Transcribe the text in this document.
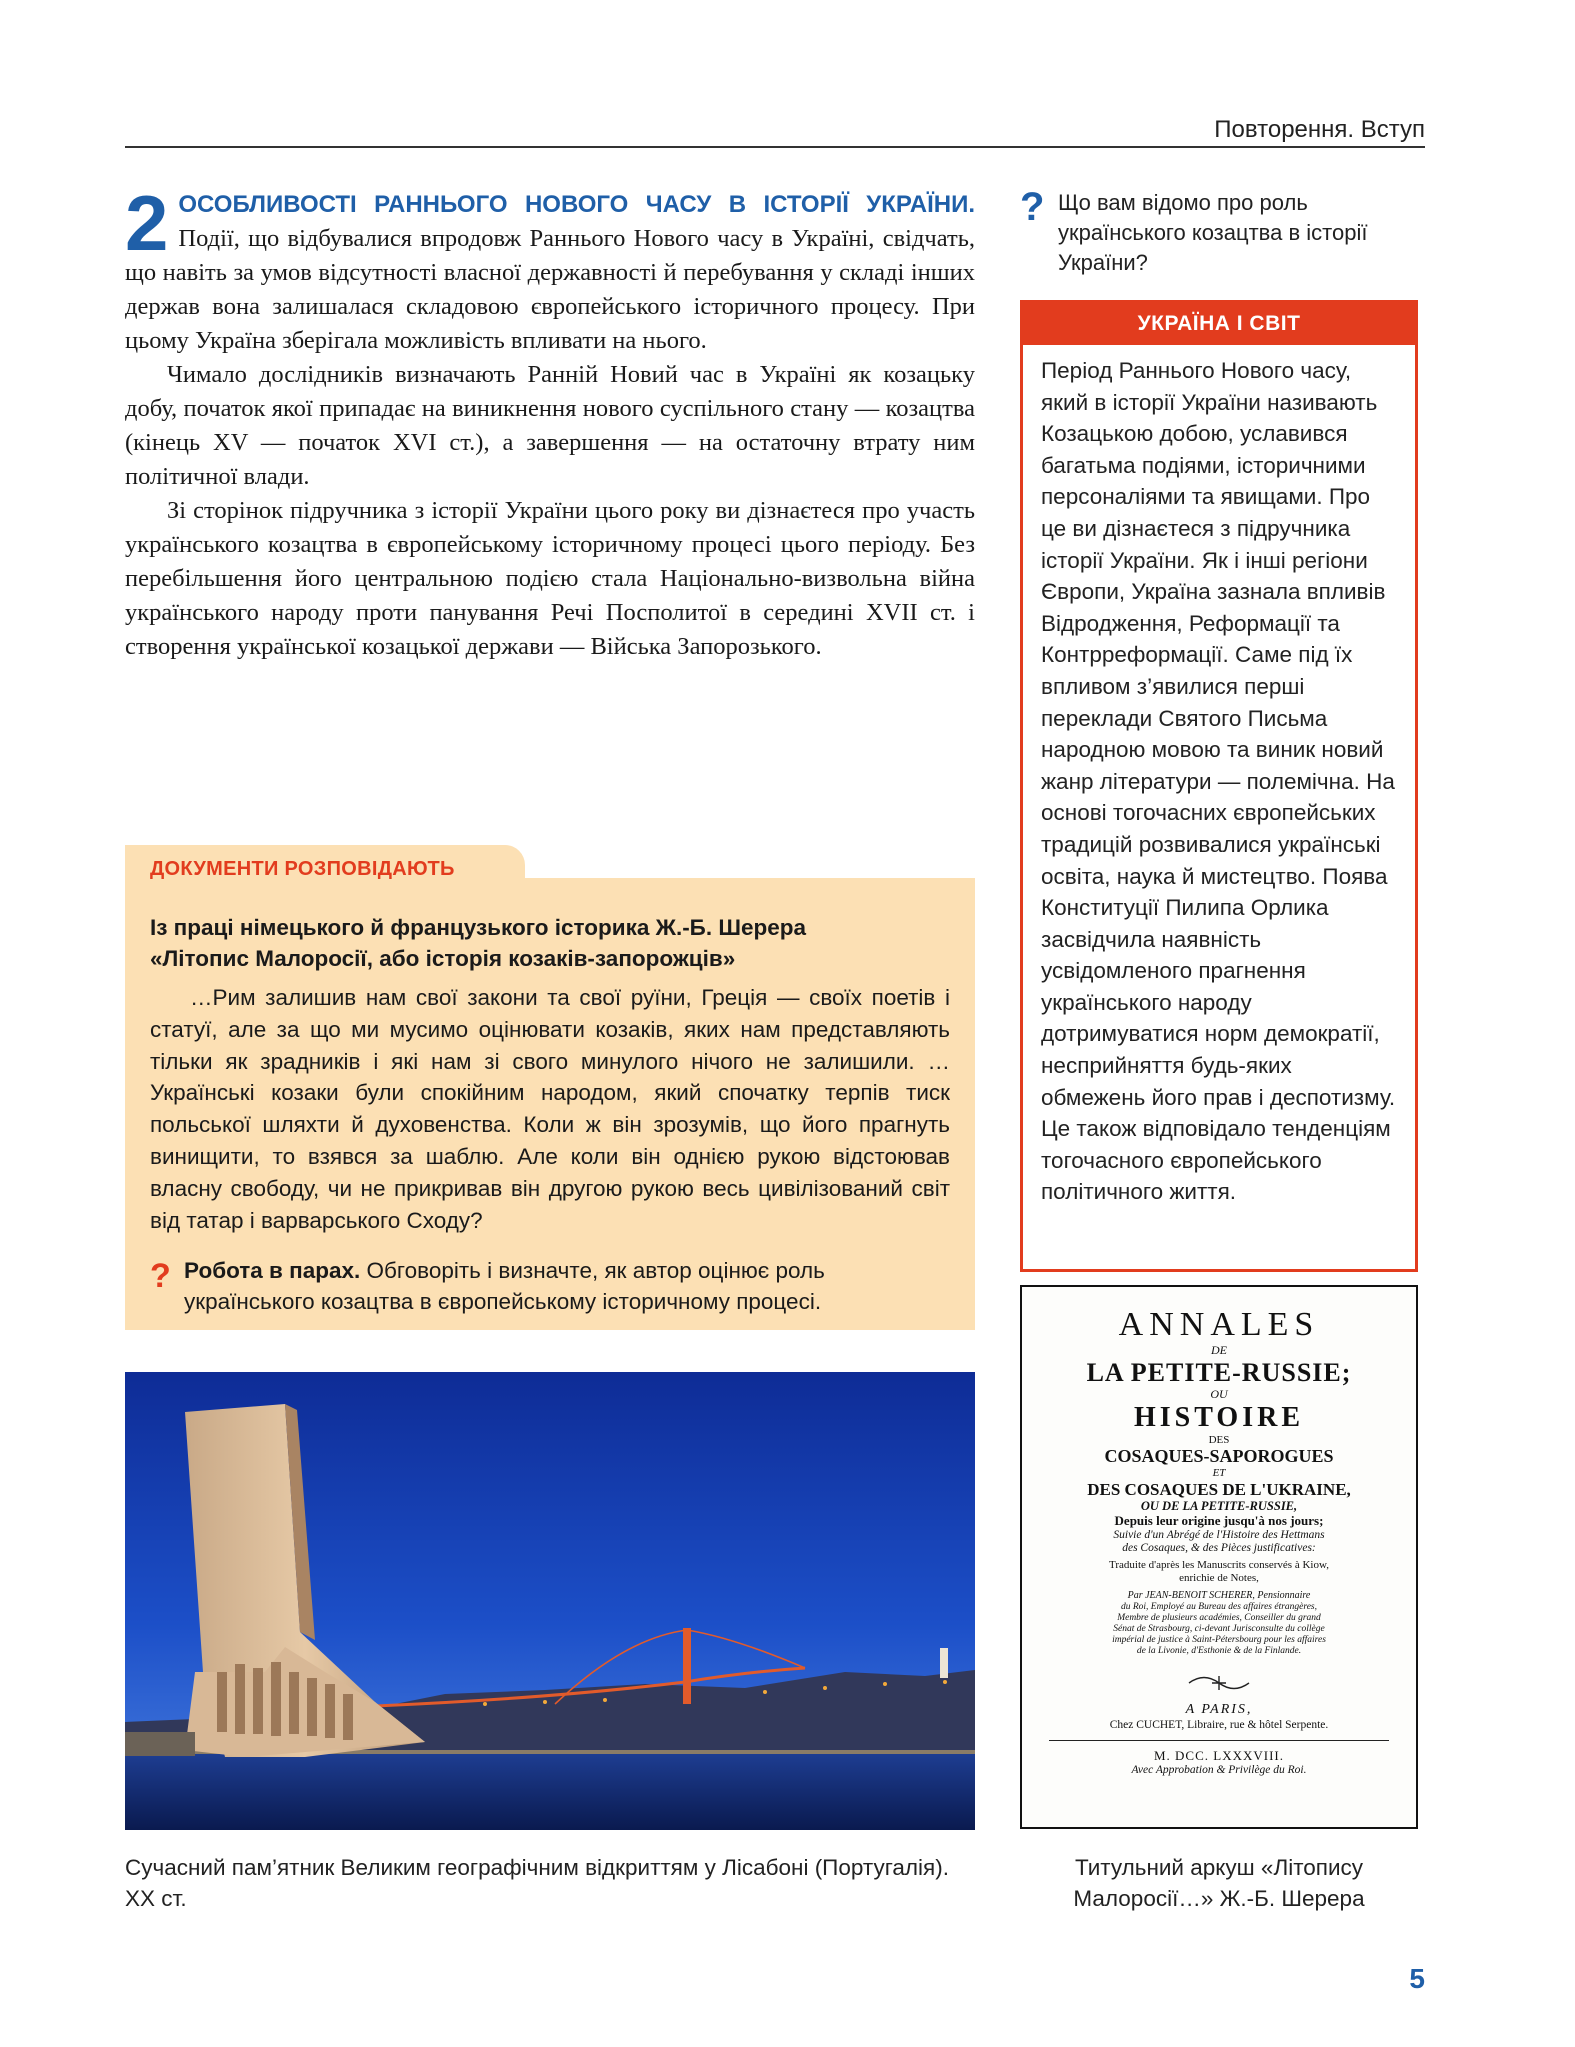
Повторення. Вступ
2 ОСОБЛИВОСТІ РАННЬОГО НОВОГО ЧАСУ В ІСТОРІЇ УКРАЇНИ. Події, що відбувалися впродовж Раннього Нового часу в Україні, свідчать, що навіть за умов відсутності власної державності й перебування у складі інших держав вона залишалася складовою європейського історичного процесу. При цьому Україна зберігала можливість впливати на нього.

Чимало дослідників визначають Ранній Новий час в Україні як козацьку добу, початок якої припадає на виникнення нового суспільного стану — козацтва (кінець XV — початок XVI ст.), а завершення — на остаточну втрату ним політичної влади.

Зі сторінок підручника з історії України цього року ви дізнаєтеся про участь українського козацтва в європейському історичному процесі цього періоду. Без перебільшення його центральною подією стала Національно-визвольна війна українського народу проти панування Речі Посполитої в середині XVII ст. і створення української козацької держави — Війська Запорозького.

? Що вам відомо про роль українського козацтва в історії України?
УКРАЇНА І СВІТ
Період Раннього Нового часу, який в історії України називають Козацькою добою, уславився багатьма подіями, історичними персоналіями та явищами. Про це ви дізнаєтеся з підручника історії України. Як і інші регіони Європи, Україна зазнала впливів Відродження, Реформації та Контрреформації. Саме під їх впливом з’явилися перші переклади Святого Письма народною мовою та виник новий жанр літератури — полемічна. На основі тогочасних європейських традицій розвивалися українські освіта, наука й мистецтво. Поява Конституції Пилипа Орлика засвідчила наявність усвідомленого прагнення українського народу дотримуватися норм демократії, несприйняття будь-яких обмежень його прав і деспотизму. Це також відповідало тенденціям тогочасного європейського політичного життя.
ДОКУМЕНТИ РОЗПОВІДАЮТЬ
Із праці німецького й французького історика Ж.-Б. Шерера
«Літопис Малоросії, або історія козаків-запорожців»

…Рим залишив нам свої закони та свої руїни, Греція — своїх поетів і статуї, але за що ми мусимо оцінювати козаків, яких нам представляють тільки як зрадників і які нам зі свого минулого нічого не залишили. …Українські козаки були спокійним народом, який спочатку терпів тиск польської шляхти й духовенства. Коли ж він зрозумів, що його прагнуть винищити, то взявся за шаблю. Але коли він однією рукою відстоював власну свободу, чи не прикривав він другою рукою весь цивілізований світ від татар і варварського Сходу?

? Робота в парах. Обговоріть і визначте, як автор оцінює роль українського козацтва в європейському історичному процесі.
Сучасний пам’ятник Великим географічним відкриттям у Лісабоні (Португалія). XX ст.
ANNALES
DE
LA PETITE-RUSSIE;
OU
HISTOIRE
DES
COSAQUES-SAPOROGUES
ET
DES COSAQUES DE L'UKRAINE,
OU DE LA PETITE-RUSSIE,
Depuis leur origine jusqu'à nos jours;
Suivie d'un Abrégé de l'Histoire des Hettmans
des Cosaques, & des Pièces justificatives:
Traduite d'après les Manuscrits conservés à Kiow,
enrichie de Notes,
Par JEAN-BENOIT SCHERER, Pensionnaire
du Roi, Employé au Bureau des affaires étrangères,
Membre de plusieurs académies, Conseiller du grand
Sénat de Strasbourg, ci-devant Jurisconsulte du collège
impérial de justice à Saint-Pétersbourg pour les affaires
de la Livonie, d'Esthonie & de la Finlande.
A PARIS,
Chez CUCHET, Libraire, rue & hôtel Serpente.
M. DCC. LXXXVIII.
Avec Approbation & Privilège du Roi.
Титульний аркуш «Літопису Малоросії…» Ж.-Б. Шерера
5
